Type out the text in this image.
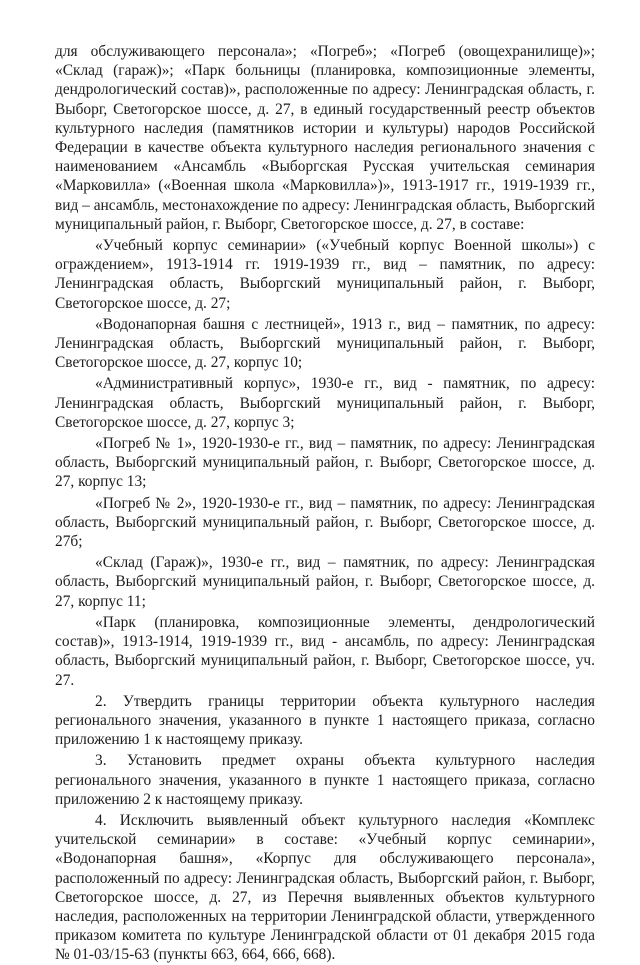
для обслуживающего персонала»; «Погреб»; «Погреб (овощехранилище)»; «Склад (гараж)»; «Парк больницы (планировка, композиционные элементы, дендрологический состав)», расположенные по адресу: Ленинградская область, г. Выборг, Светогорское шоссе, д. 27, в единый государственный реестр объектов культурного наследия (памятников истории и культуры) народов Российской Федерации в качестве объекта культурного наследия регионального значения с наименованием «Ансамбль «Выборгская Русская учительская семинария «Марковилла» («Военная школа «Марковилла»)», 1913-1917 гг., 1919-1939 гг., вид – ансамбль, местонахождение по адресу: Ленинградская область, Выборгский муниципальный район, г. Выборг, Светогорское шоссе, д. 27, в составе:

«Учебный корпус семинарии» («Учебный корпус Военной школы») с ограждением», 1913-1914 гг. 1919-1939 гг., вид – памятник, по адресу: Ленинградская область, Выборгский муниципальный район, г. Выборг, Светогорское шоссе, д. 27;

«Водонапорная башня с лестницей», 1913 г., вид – памятник, по адресу: Ленинградская область, Выборгский муниципальный район, г. Выборг, Светогорское шоссе, д. 27, корпус 10;

«Административный корпус», 1930-е гг., вид - памятник, по адресу: Ленинградская область, Выборгский муниципальный район, г. Выборг, Светогорское шоссе, д. 27, корпус 3;

«Погреб № 1», 1920-1930-е гг., вид – памятник, по адресу: Ленинградская область, Выборгский муниципальный район, г. Выборг, Светогорское шоссе, д. 27, корпус 13;

«Погреб № 2», 1920-1930-е гг., вид – памятник, по адресу: Ленинградская область, Выборгский муниципальный район, г. Выборг, Светогорское шоссе, д. 27б;

«Склад (Гараж)», 1930-е гг., вид – памятник, по адресу: Ленинградская область, Выборгский муниципальный район, г. Выборг, Светогорское шоссе, д. 27, корпус 11;

«Парк (планировка, композиционные элементы, дендрологический состав)», 1913-1914, 1919-1939 гг., вид - ансамбль, по адресу: Ленинградская область, Выборгский муниципальный район, г. Выборг, Светогорское шоссе, уч. 27.

2. Утвердить границы территории объекта культурного наследия регионального значения, указанного в пункте 1 настоящего приказа, согласно приложению 1 к настоящему приказу.

3. Установить предмет охраны объекта культурного наследия регионального значения, указанного в пункте 1 настоящего приказа, согласно приложению 2 к настоящему приказу.

4. Исключить выявленный объект культурного наследия «Комплекс учительской семинарии» в составе: «Учебный корпус семинарии», «Водонапорная башня», «Корпус для обслуживающего персонала», расположенный по адресу: Ленинградская область, Выборгский район, г. Выборг, Светогорское шоссе, д. 27, из Перечня выявленных объектов культурного наследия, расположенных на территории Ленинградской области, утвержденного приказом комитета по культуре Ленинградской области от 01 декабря 2015 года № 01-03/15-63 (пункты 663, 664, 666, 668).
